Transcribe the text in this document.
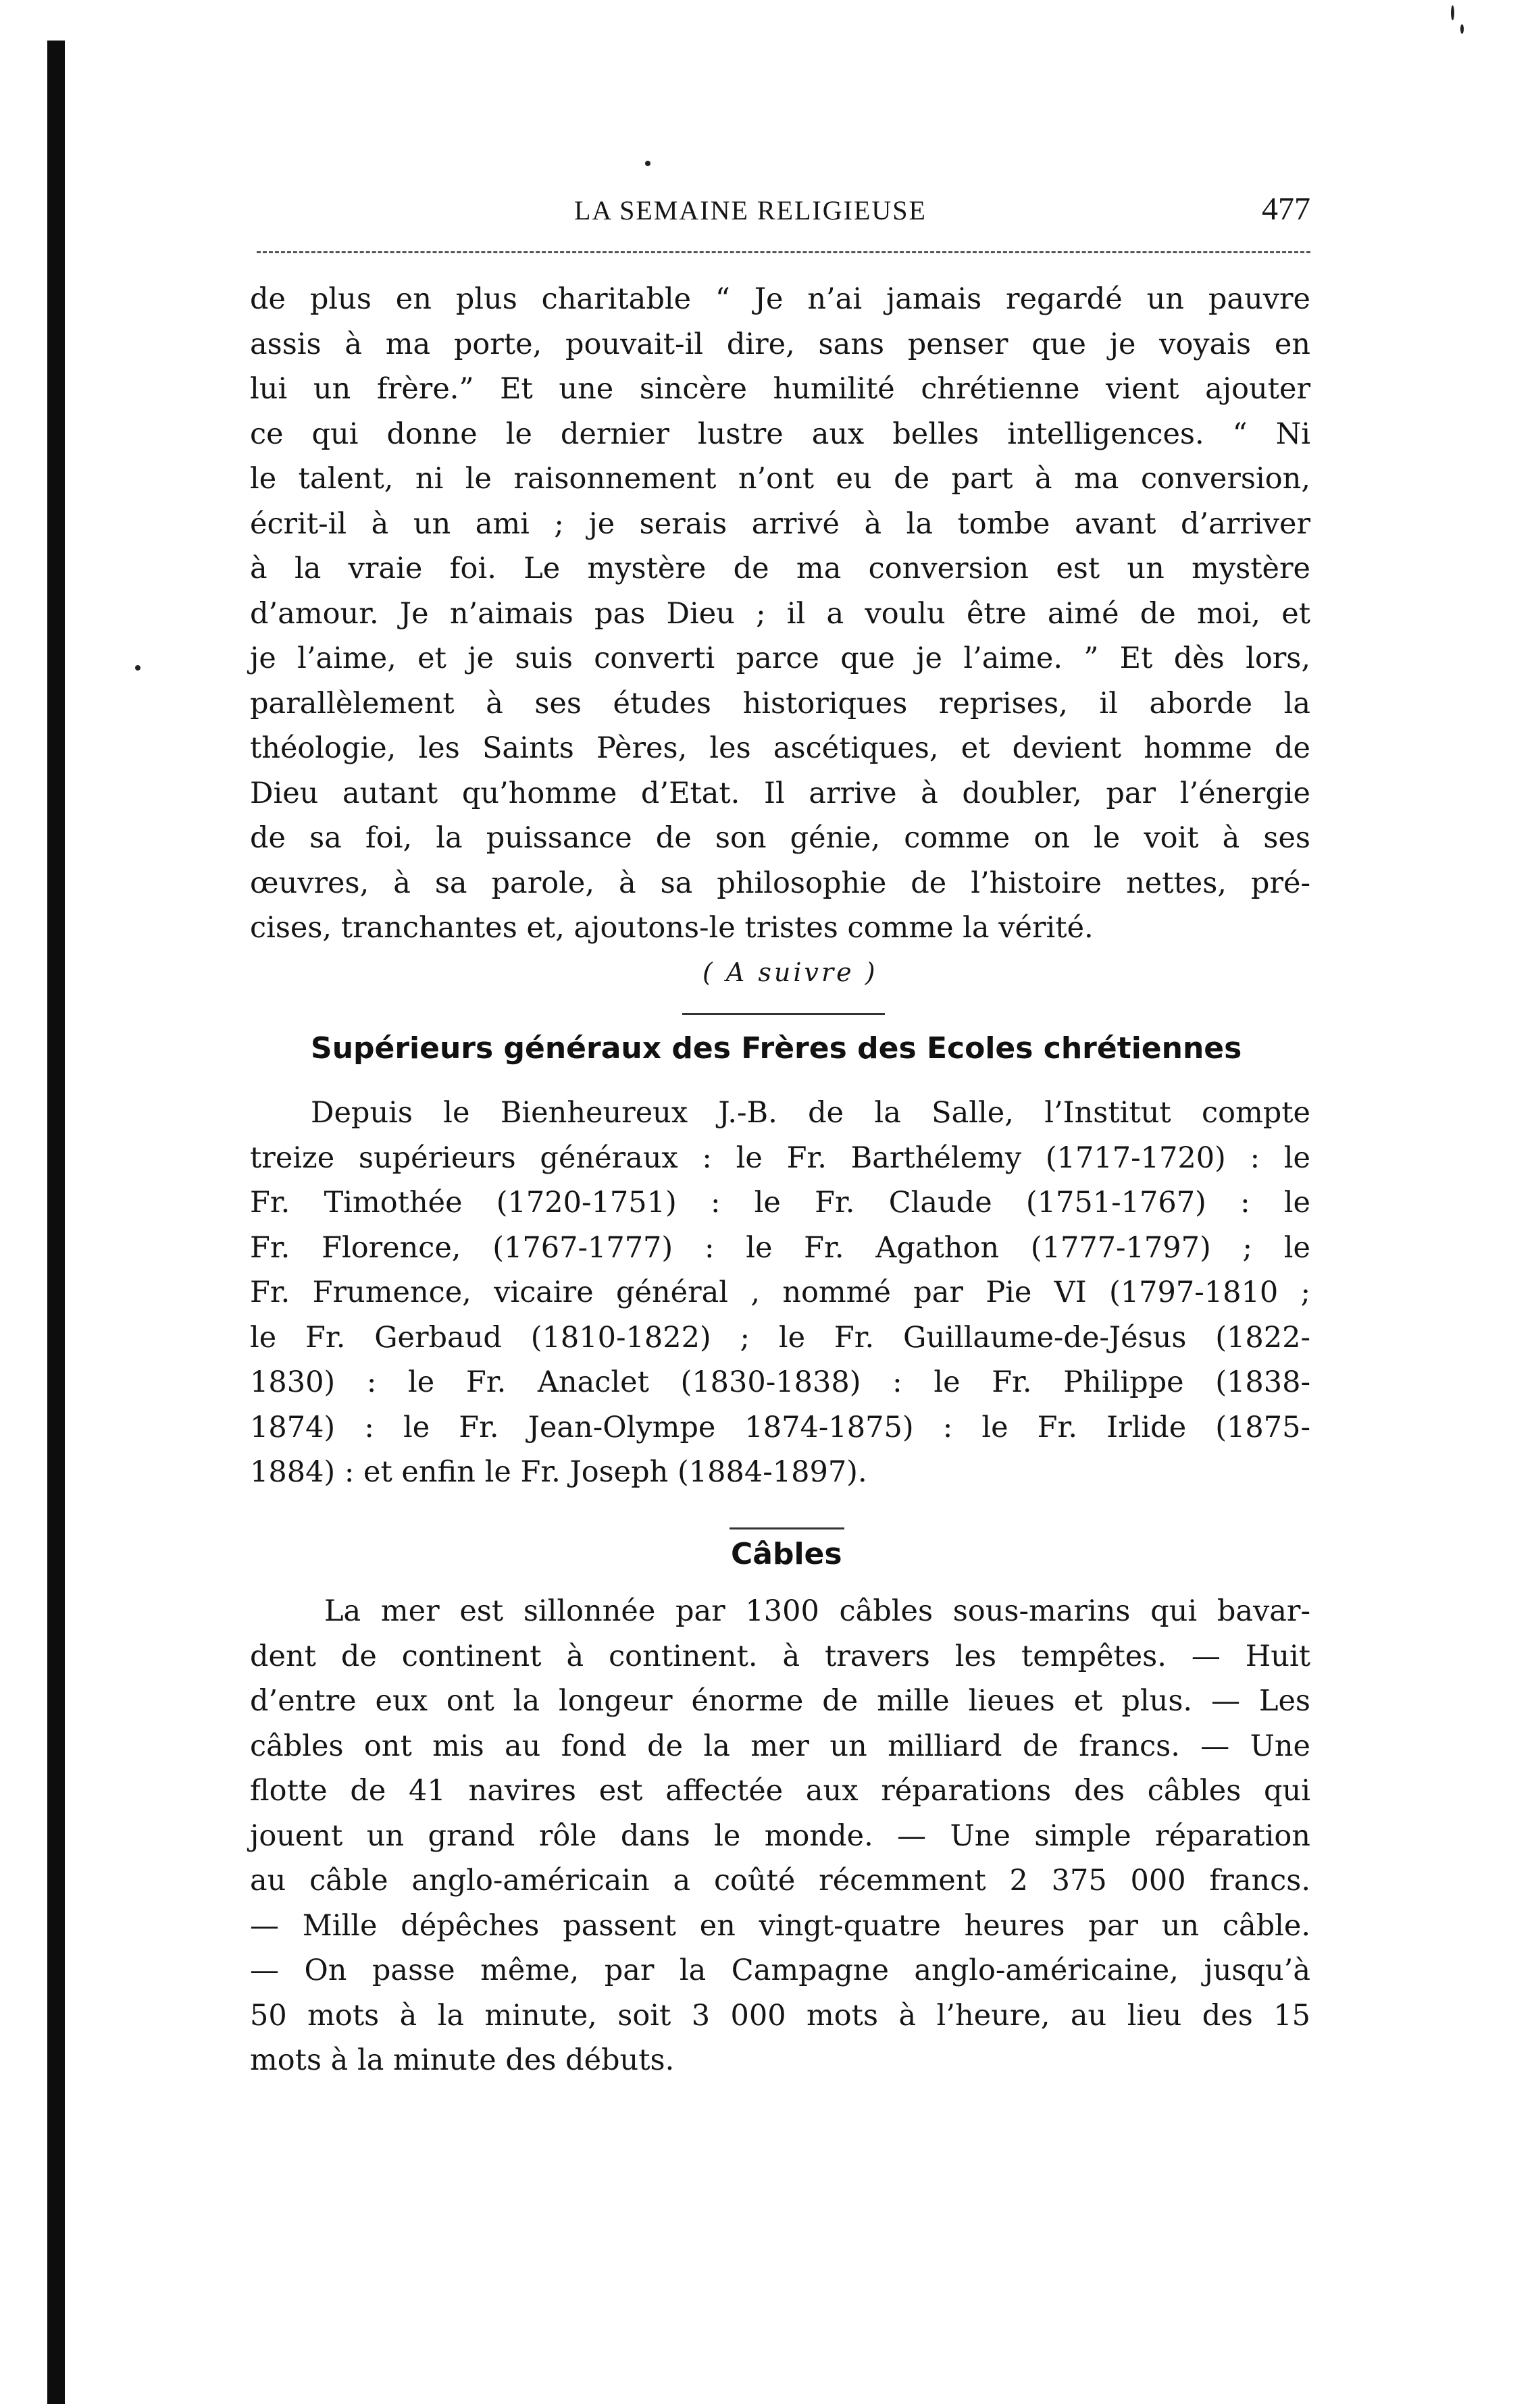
LA SEMAINE RELIGIEUSE	477
de plus en plus charitable “ Je n’ai jamais regardé un pauvre
assis à ma porte, pouvait-il dire, sans penser que je voyais en
lui un frère.” Et une sincère humilité chrétienne vient ajouter
ce qui donne le dernier lustre aux belles intelligences. “ Ni
le talent, ni le raisonnement n’ont eu de part à ma conversion,
écrit-il à un ami ; je serais arrivé à la tombe avant d’arriver
à la vraie foi. Le mystère de ma conversion est un mystère
d’amour. Je n’aimais pas Dieu ; il a voulu être aimé de moi, et
je l’aime, et je suis converti parce que je l’aime. ” Et dès lors,
parallèlement à ses études historiques reprises, il aborde la
théologie, les Saints Pères, les ascétiques, et devient homme de
Dieu autant qu’homme d’Etat. Il arrive à doubler, par l’énergie
de sa foi, la puissance de son génie, comme on le voit à ses
œuvres, à sa parole, à sa philosophie de l’histoire nettes, pré-
cises, tranchantes et, ajoutons-le tristes comme la vérité.
( A suivre )
Supérieurs généraux des Frères des Ecoles chrétiennes
Depuis le Bienheureux J.-B. de la Salle, l’Institut compte
treize supérieurs généraux : le Fr. Barthélemy (1717-1720) : le
Fr. Timothée (1720-1751) : le Fr. Claude (1751-1767) : le
Fr. Florence, (1767-1777) : le Fr. Agathon (1777-1797) ; le
Fr. Frumence, vicaire général , nommé par Pie VI (1797-1810 ;
le Fr. Gerbaud (1810-1822) ; le Fr. Guillaume-de-Jésus (1822-
1830) : le Fr. Anaclet (1830-1838) : le Fr. Philippe (1838-
1874) : le Fr. Jean-Olympe 1874-1875) : le Fr. Irlide (1875-
1884) : et enfin le Fr. Joseph (1884-1897).
Câbles
La mer est sillonnée par 1300 câbles sous-marins qui bavar-
dent de continent à continent. à travers les tempêtes. — Huit
d’entre eux ont la longeur énorme de mille lieues et plus. — Les
câbles ont mis au fond de la mer un milliard de francs. — Une
flotte de 41 navires est affectée aux réparations des câbles qui
jouent un grand rôle dans le monde. — Une simple réparation
au câble anglo-américain a coûté récemment 2 375 000 francs.
— Mille dépêches passent en vingt-quatre heures par un câble.
— On passe même, par la Campagne anglo-américaine, jusqu’à
50 mots à la minute, soit 3 000 mots à l’heure, au lieu des 15
mots à la minute des débuts.
